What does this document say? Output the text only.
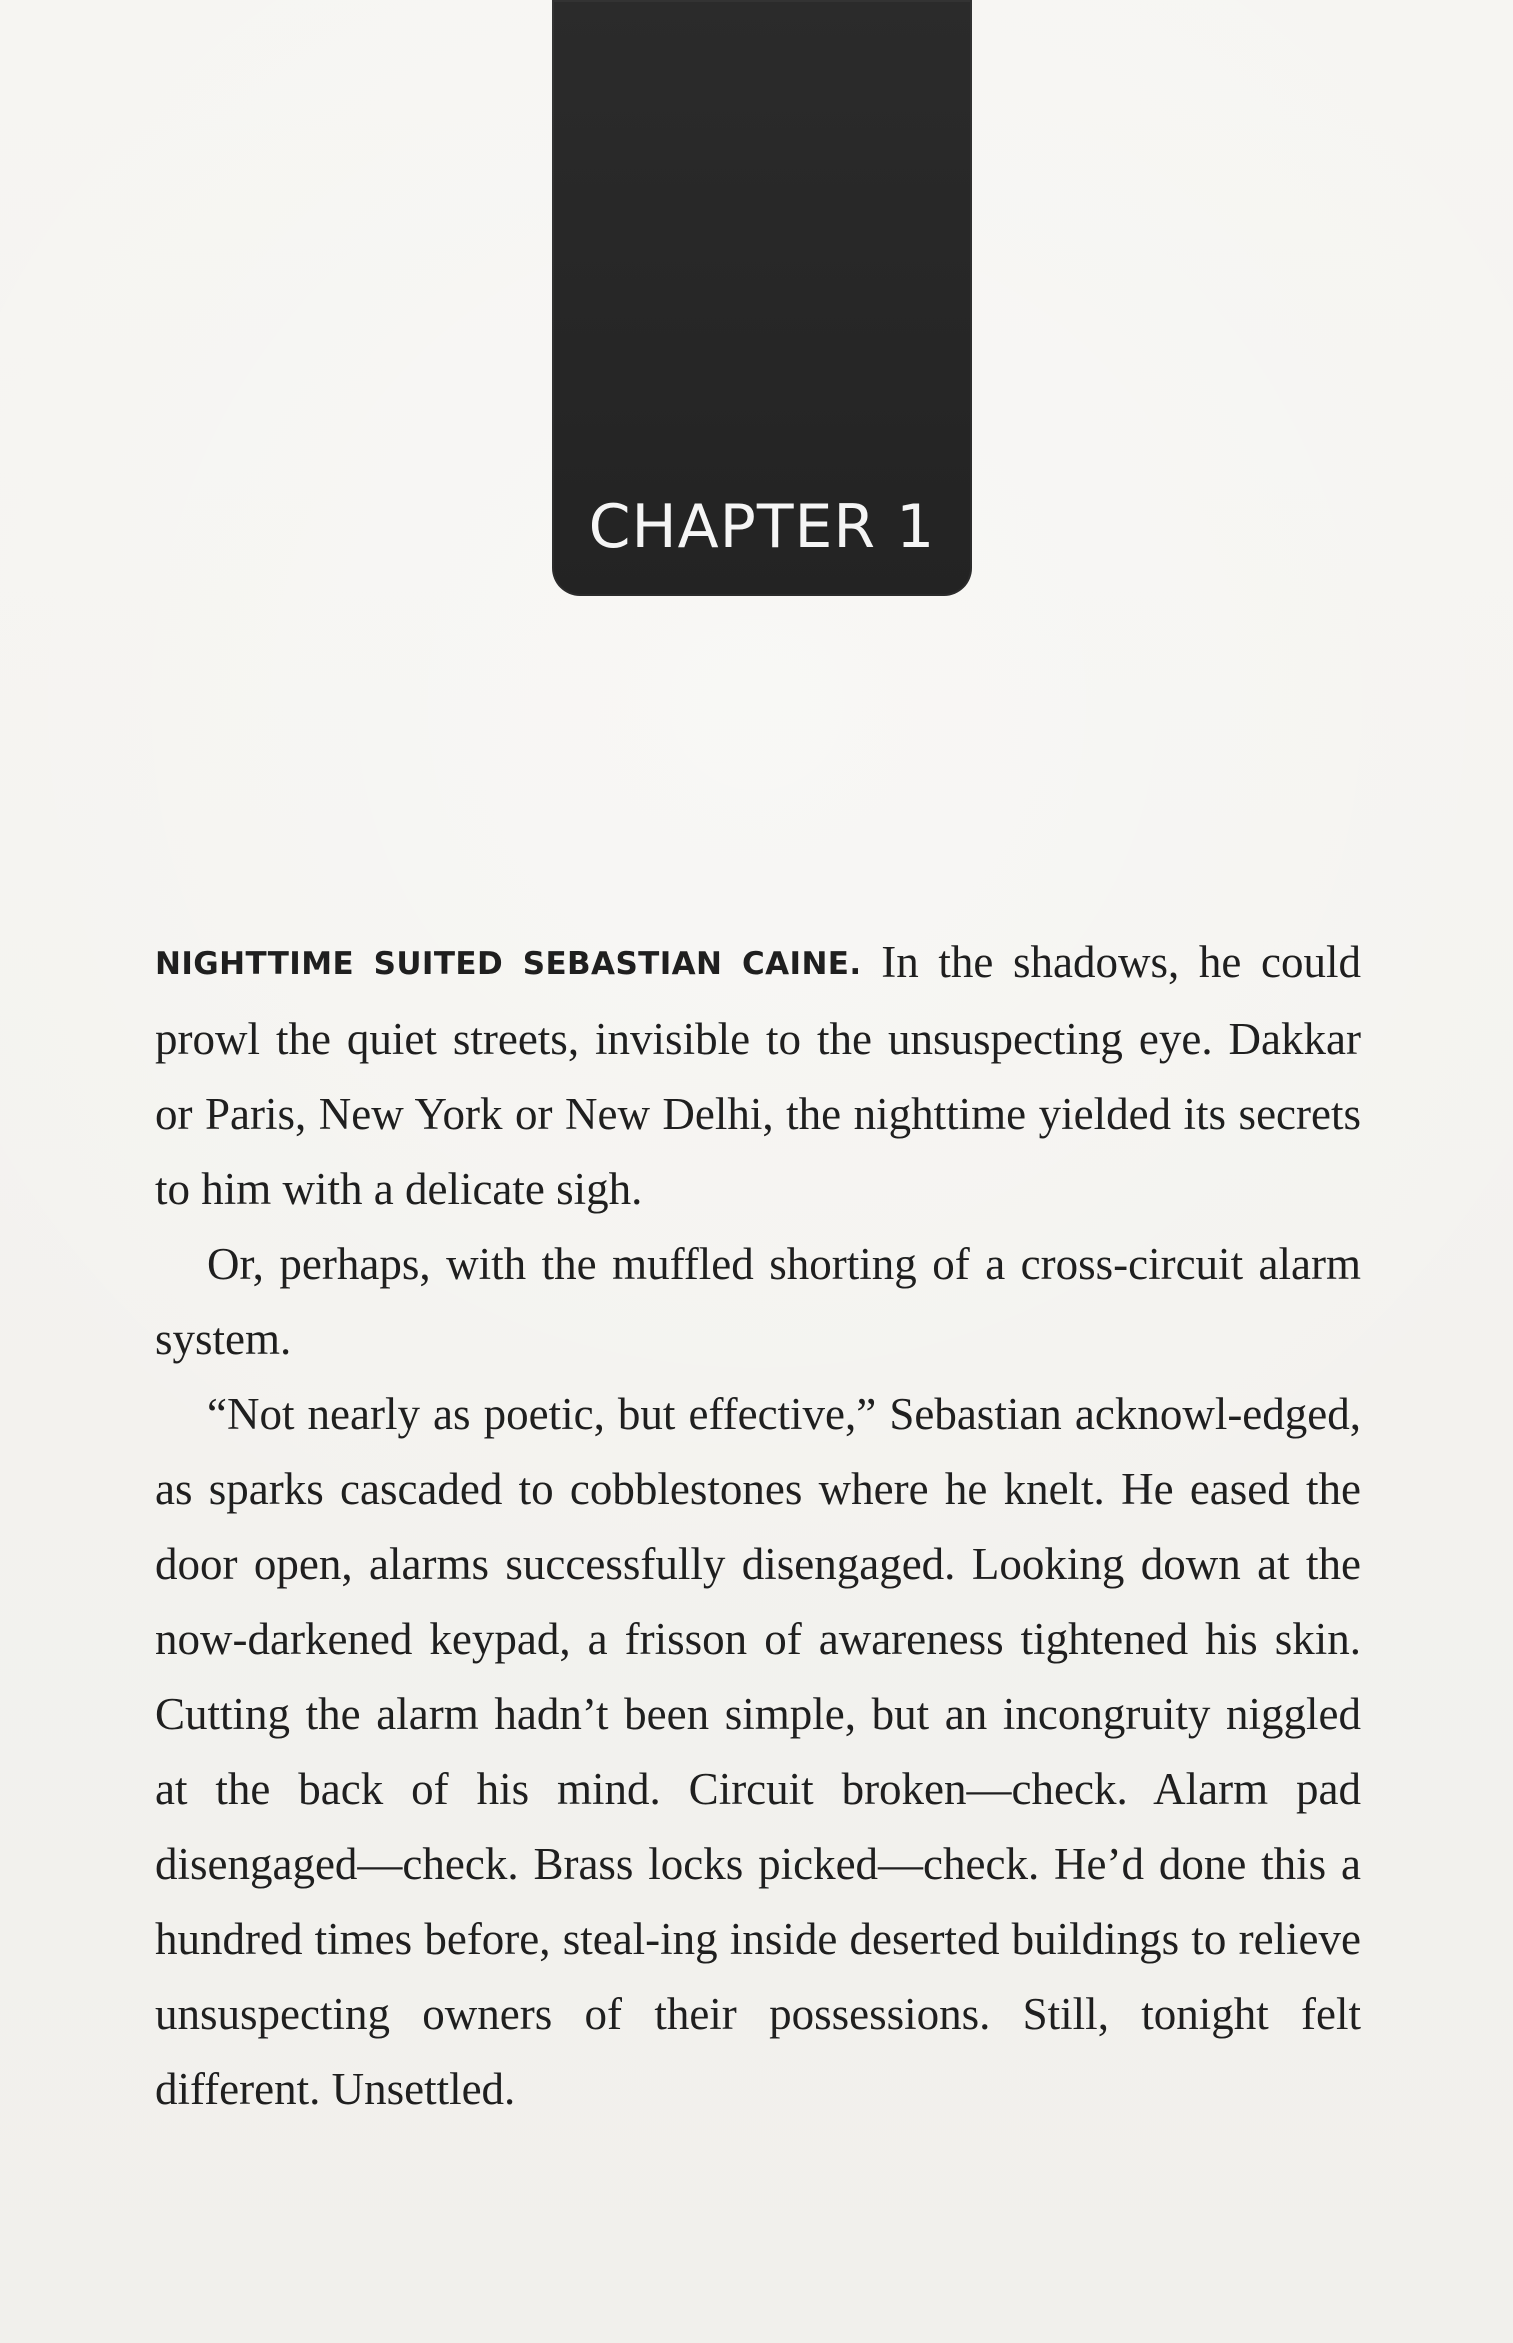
CHAPTER 1

NIGHTTIME SUITED SEBASTIAN CAINE. In the shadows, he could prowl the quiet streets, invisible to the unsuspecting eye. Dakkar or Paris, New York or New Delhi, the nighttime yielded its secrets to him with a delicate sigh.

Or, perhaps, with the muffled shorting of a cross-circuit alarm system.

“Not nearly as poetic, but effective,” Sebastian acknowl-edged, as sparks cascaded to cobblestones where he knelt. He eased the door open, alarms successfully disengaged. Looking down at the now-darkened keypad, a frisson of awareness tightened his skin. Cutting the alarm hadn’t been simple, but an incongruity niggled at the back of his mind. Circuit broken—check. Alarm pad disengaged—check. Brass locks picked—check. He’d done this a hundred times before, steal-ing inside deserted buildings to relieve unsuspecting owners of their possessions. Still, tonight felt different. Unsettled.
